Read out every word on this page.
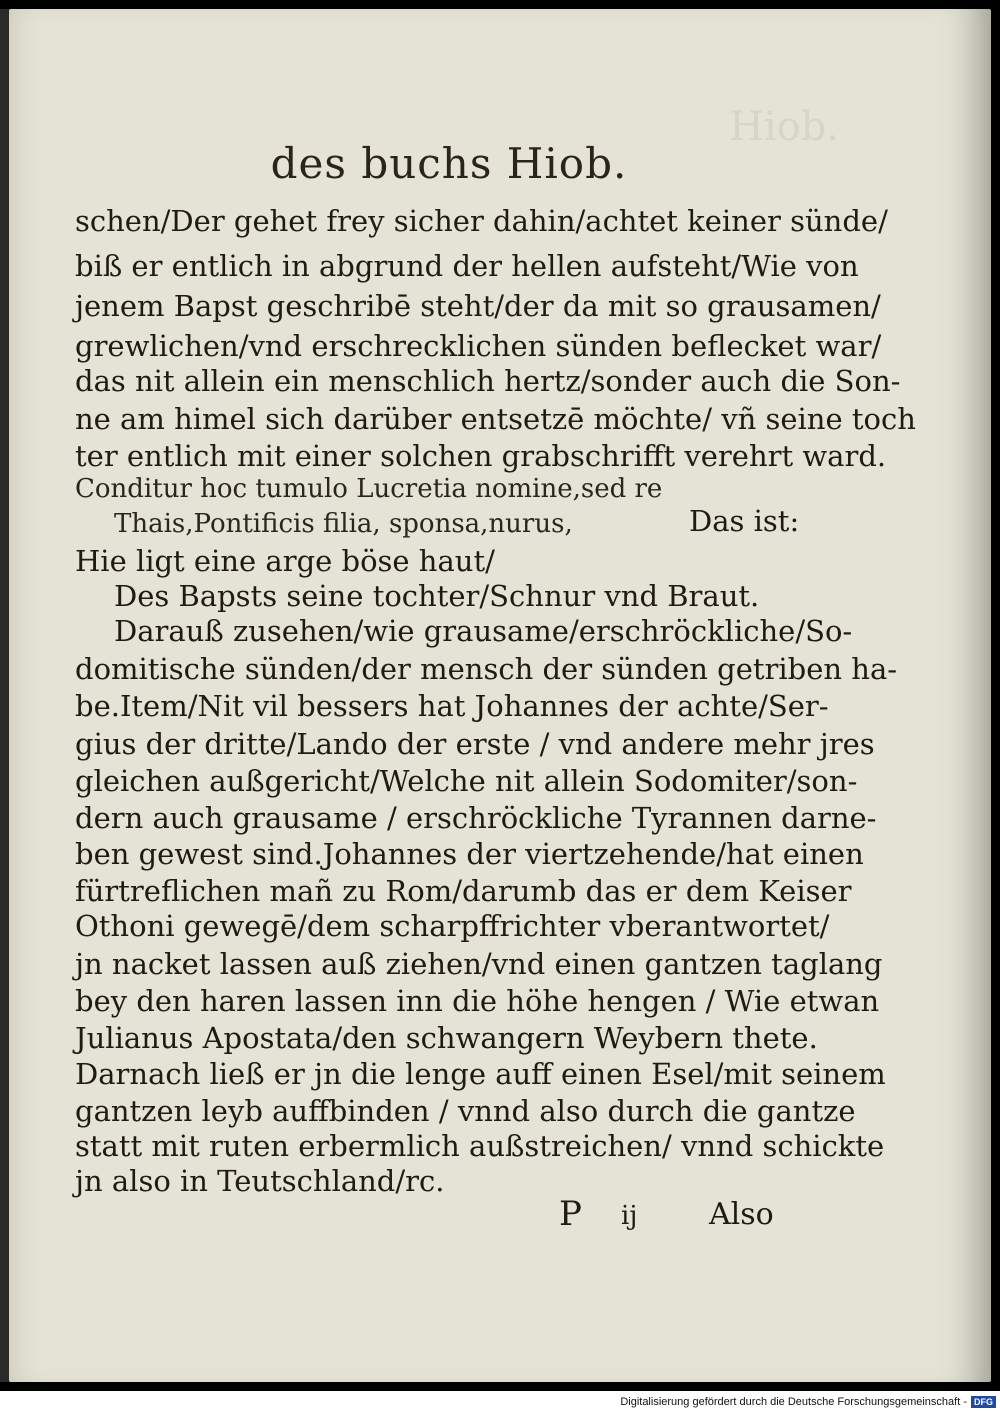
Hiob.
des buchs Hiob.
schen/Der gehet frey sicher dahin/achtet keiner sünde/
biß er entlich in abgrund der hellen aufsteht/Wie von
jenem Bapst geschribē steht/der da mit so grausamen/
grewlichen/vnd erschrecklichen sünden beflecket war/
das nit allein ein menschlich hertz/sonder auch die Son-
ne am himel sich darüber entsetzē möchte/ vñ seine toch
ter entlich mit einer solchen grabschrifft verehrt ward.
Conditur hoc tumulo Lucretia nomine,sed re
Thais,Pontificis filia, sponsa,nurus,	Das ist:
Hie ligt eine arge böse haut/
Des Bapsts seine tochter/Schnur vnd Braut.
Darauß zusehen/wie grausame/erschröckliche/So-
domitische sünden/der mensch der sünden getriben ha-
be.Item/Nit vil bessers hat Johannes der achte/Ser-
gius der dritte/Lando der erste / vnd andere mehr jres
gleichen außgericht/Welche nit allein Sodomiter/son-
dern auch grausame / erschröckliche Tyrannen darne-
ben gewest sind.Johannes der viertzehende/hat einen
fürtreflichen mañ zu Rom/darumb das er dem Keiser
Othoni gewegē/dem scharpffrichter vberantwortet/
jn nacket lassen auß ziehen/vnd einen gantzen taglang
bey den haren lassen inn die höhe hengen / Wie etwan
Julianus Apostata/den schwangern Weybern thete.
Darnach ließ er jn die lenge auff einen Esel/mit seinem
gantzen leyb auffbinden / vnnd also durch die gantze
statt mit ruten erbermlich außstreichen/ vnnd schickte
jn also in Teutschland/rc.
P ij Also
Digitalisierung gefördert durch die Deutsche Forschungsgemeinschaft - DFG
